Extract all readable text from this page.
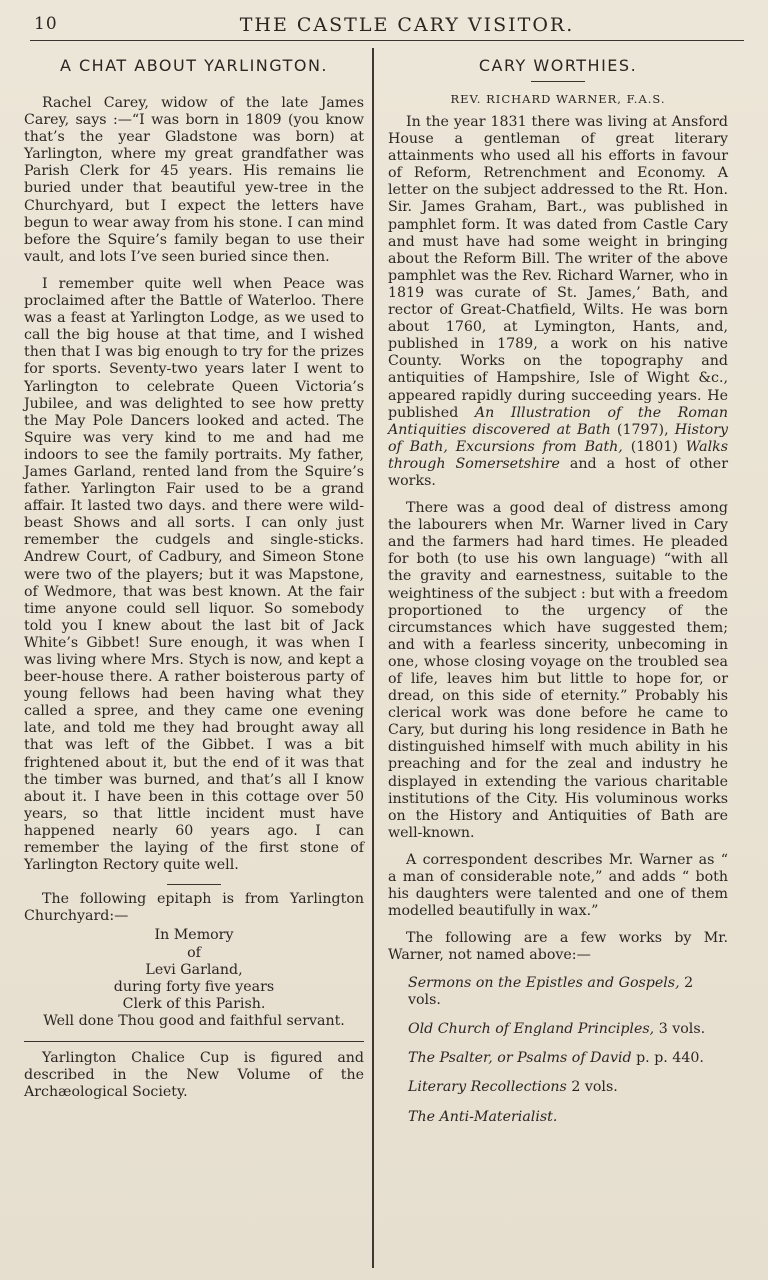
10	THE CASTLE CARY VISITOR.
A CHAT ABOUT YARLINGTON.

Rachel Carey, widow of the late James Carey, says :—“I was born in 1809 (you know that’s the year Gladstone was born) at Yarlington, where my great grandfather was Parish Clerk for 45 years. His remains lie buried under that beautiful yew-tree in the Churchyard, but I expect the letters have begun to wear away from his stone. I can mind before the Squire’s family began to use their vault, and lots I’ve seen buried since then.

I remember quite well when Peace was proclaimed after the Battle of Waterloo. There was a feast at Yarlington Lodge, as we used to call the big house at that time, and I wished then that I was big enough to try for the prizes for sports. Seventy-two years later I went to Yarlington to celebrate Queen Victoria’s Jubilee, and was delighted to see how pretty the May Pole Dancers looked and acted. The Squire was very kind to me and had me indoors to see the family portraits. My father, James Garland, rented land from the Squire’s father. Yarlington Fair used to be a grand affair. It lasted two days. and there were wild-beast Shows and all sorts. I can only just remember the cudgels and single-sticks. Andrew Court, of Cadbury, and Simeon Stone were two of the players; but it was Mapstone, of Wedmore, that was best known. At the fair time anyone could sell liquor. So somebody told you I knew about the last bit of Jack White’s Gibbet! Sure enough, it was when I was living where Mrs. Stych is now, and kept a beer-house there. A rather boisterous party of young fellows had been having what they called a spree, and they came one evening late, and told me they had brought away all that was left of the Gibbet. I was a bit frightened about it, but the end of it was that the timber was burned, and that’s all I know about it. I have been in this cottage over 50 years, so that little incident must have happened nearly 60 years ago. I can remember the laying of the first stone of Yarlington Rectory quite well.

The following epitaph is from Yarlington Churchyard:—

In Memory
of
Levi Garland,
during forty five years
Clerk of this Parish.
Well done Thou good and faithful servant.

Yarlington Chalice Cup is figured and described in the New Volume of the Archæological Society.

CARY WORTHIES.
REV. RICHARD WARNER, F.A.S.

In the year 1831 there was living at Ansford House a gentleman of great literary attainments who used all his efforts in favour of Reform, Retrenchment and Economy. A letter on the subject addressed to the Rt. Hon. Sir. James Graham, Bart., was published in pamphlet form. It was dated from Castle Cary and must have had some weight in bringing about the Reform Bill. The writer of the above pamphlet was the Rev. Richard Warner, who in 1819 was curate of St. James,’ Bath, and rector of Great-Chatfield, Wilts. He was born about 1760, at Lymington, Hants, and, published in 1789, a work on his native County. Works on the topography and antiquities of Hampshire, Isle of Wight &c., appeared rapidly during succeeding years. He published An Illustration of the Roman Antiquities discovered at Bath (1797), History of Bath, Excursions from Bath, (1801) Walks through Somersetshire and a host of other works.

There was a good deal of distress among the labourers when Mr. Warner lived in Cary and the farmers had hard times. He pleaded for both (to use his own language) “with all the gravity and earnestness, suitable to the weightiness of the subject : but with a freedom proportioned to the urgency of the circumstances which have suggested them; and with a fearless sincerity, unbecoming in one, whose closing voyage on the troubled sea of life, leaves him but little to hope for, or dread, on this side of eternity.” Probably his clerical work was done before he came to Cary, but during his long residence in Bath he distinguished himself with much ability in his preaching and for the zeal and industry he displayed in extending the various charitable institutions of the City. His voluminous works on the History and Antiquities of Bath are well-known.

A correspondent describes Mr. Warner as “ a man of considerable note,” and adds “ both his daughters were talented and one of them modelled beautifully in wax.”

The following are a few works by Mr. Warner, not named above:—

Sermons on the Epistles and Gospels, 2 vols.
Old Church of England Principles, 3 vols.
The Psalter, or Psalms of David p. p. 440.
Literary Recollections 2 vols.
The Anti-Materialist.
